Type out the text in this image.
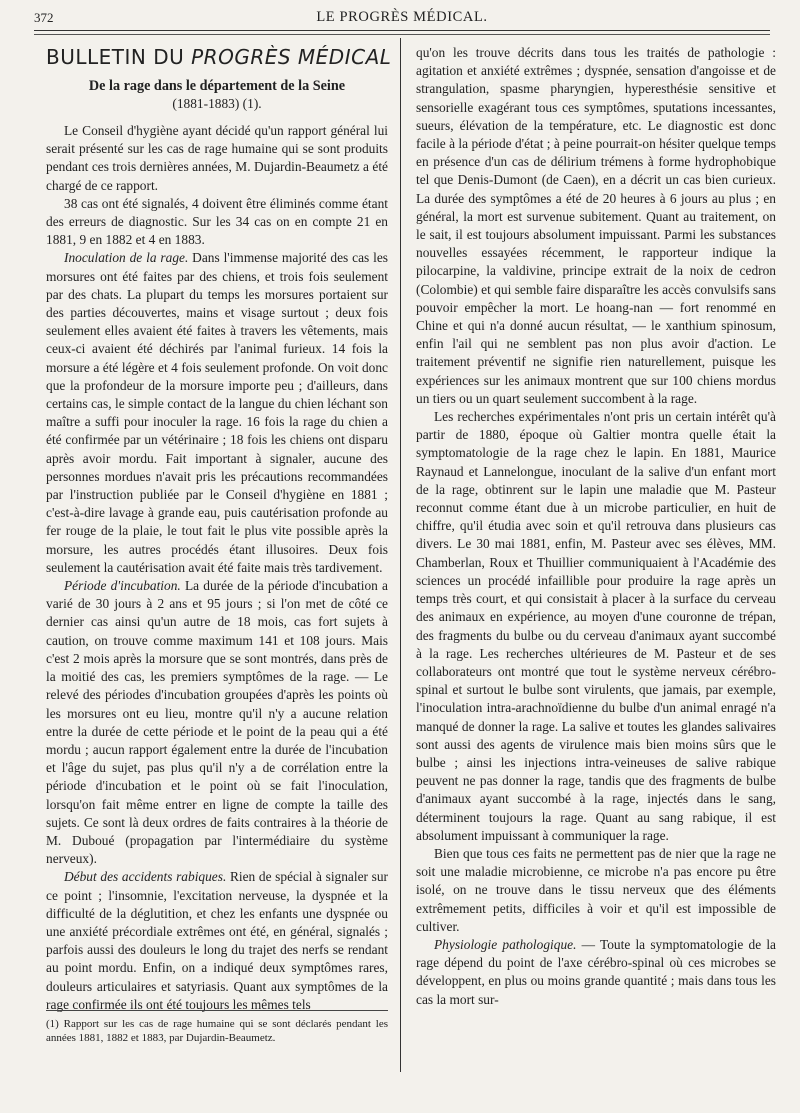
372	LE PROGRÈS MÉDICAL.
BULLETIN DU PROGRÈS MÉDICAL
De la rage dans le département de la Seine
(1881-1883) (1).

Le Conseil d'hygiène ayant décidé qu'un rapport général lui serait présenté sur les cas de rage humaine qui se sont produits pendant ces trois dernières années, M. Dujardin-Beaumetz a été chargé de ce rapport.

38 cas ont été signalés, 4 doivent être éliminés comme étant des erreurs de diagnostic. Sur les 34 cas on en compte 21 en 1881, 9 en 1882 et 4 en 1883.

Inoculation de la rage. Dans l'immense majorité des cas les morsures ont été faites par des chiens, et trois fois seulement par des chats. La plupart du temps les morsures portaient sur des parties découvertes, mains et visage surtout ; deux fois seulement elles avaient été faites à travers les vêtements, mais ceux-ci avaient été déchirés par l'animal furieux. 14 fois la morsure a été légère et 4 fois seulement profonde. On voit donc que la profondeur de la morsure importe peu ; d'ailleurs, dans certains cas, le simple contact de la langue du chien léchant son maître a suffi pour inoculer la rage. 16 fois la rage du chien a été confirmée par un vétérinaire ; 18 fois les chiens ont disparu après avoir mordu. Fait important à signaler, aucune des personnes mordues n'avait pris les précautions recommandées par l'instruction publiée par le Conseil d'hygiène en 1881 ; c'est-à-dire lavage à grande eau, puis cautérisation profonde au fer rouge de la plaie, le tout fait le plus vite possible après la morsure, les autres procédés étant illusoires. Deux fois seulement la cautérisation avait été faite mais très tardivement.

Période d'incubation. La durée de la période d'incubation a varié de 30 jours à 2 ans et 95 jours ; si l'on met de côté ce dernier cas ainsi qu'un autre de 18 mois, cas fort sujets à caution, on trouve comme maximum 141 et 108 jours. Mais c'est 2 mois après la morsure que se sont montrés, dans près de la moitié des cas, les premiers symptômes de la rage. — Le relevé des périodes d'incubation groupées d'après les points où les morsures ont eu lieu, montre qu'il n'y a aucune relation entre la durée de cette période et le point de la peau qui a été mordu ; aucun rapport également entre la durée de l'incubation et l'âge du sujet, pas plus qu'il n'y a de corrélation entre la période d'incubation et le point où se fait l'inoculation, lorsqu'on fait même entrer en ligne de compte la taille des sujets. Ce sont là deux ordres de faits contraires à la théorie de M. Duboué (propagation par l'intermédiaire du système nerveux).

Début des accidents rabiques. Rien de spécial à signaler sur ce point ; l'insomnie, l'excitation nerveuse, la dyspnée et la difficulté de la déglutition, et chez les enfants une dyspnée ou une anxiété précordiale extrêmes ont été, en général, signalés ; parfois aussi des douleurs le long du trajet des nerfs se rendant au point mordu. Enfin, on a indiqué deux symptômes rares, douleurs articulaires et satyriasis. Quant aux symptômes de la rage confirmée ils ont été toujours les mêmes tels

(1) Rapport sur les cas de rage humaine qui se sont déclarés pendant les années 1881, 1882 et 1883, par Dujardin-Beaumetz.

qu'on les trouve décrits dans tous les traités de pathologie : agitation et anxiété extrêmes ; dyspnée, sensation d'angoisse et de strangulation, spasme pharyngien, hyperesthésie sensitive et sensorielle exagérant tous ces symptômes, sputations incessantes, sueurs, élévation de la température, etc. Le diagnostic est donc facile à la période d'état ; à peine pourrait-on hésiter quelque temps en présence d'un cas de délirium trémens à forme hydrophobique tel que Denis-Dumont (de Caen), en a décrit un cas bien curieux. La durée des symptômes a été de 20 heures à 6 jours au plus ; en général, la mort est survenue subitement. Quant au traitement, on le sait, il est toujours absolument impuissant. Parmi les substances nouvelles essayées récemment, le rapporteur indique la pilocarpine, la valdivine, principe extrait de la noix de cedron (Colombie) et qui semble faire disparaître les accès convulsifs sans pouvoir empêcher la mort. Le hoang-nan — fort renommé en Chine et qui n'a donné aucun résultat, — le xanthium spinosum, enfin l'ail qui ne semblent pas non plus avoir d'action. Le traitement préventif ne signifie rien naturellement, puisque les expériences sur les animaux montrent que sur 100 chiens mordus un tiers ou un quart seulement succombent à la rage.

Les recherches expérimentales n'ont pris un certain intérêt qu'à partir de 1880, époque où Galtier montra quelle était la symptomatologie de la rage chez le lapin. En 1881, Maurice Raynaud et Lannelongue, inoculant de la salive d'un enfant mort de la rage, obtinrent sur le lapin une maladie que M. Pasteur reconnut comme étant due à un microbe particulier, en huit de chiffre, qu'il étudia avec soin et qu'il retrouva dans plusieurs cas divers. Le 30 mai 1881, enfin, M. Pasteur avec ses élèves, MM. Chamberlan, Roux et Thuillier communiquaient à l'Académie des sciences un procédé infaillible pour produire la rage après un temps très court, et qui consistait à placer à la surface du cerveau des animaux en expérience, au moyen d'une couronne de trépan, des fragments du bulbe ou du cerveau d'animaux ayant succombé à la rage. Les recherches ultérieures de M. Pasteur et de ses collaborateurs ont montré que tout le système nerveux cérébro-spinal et surtout le bulbe sont virulents, que jamais, par exemple, l'inoculation intra-arachnoïdienne du bulbe d'un animal enragé n'a manqué de donner la rage. La salive et toutes les glandes salivaires sont aussi des agents de virulence mais bien moins sûrs que le bulbe ; ainsi les injections intra-veineuses de salive rabique peuvent ne pas donner la rage, tandis que des fragments de bulbe d'animaux ayant succombé à la rage, injectés dans le sang, déterminent toujours la rage. Quant au sang rabique, il est absolument impuissant à communiquer la rage.

Bien que tous ces faits ne permettent pas de nier que la rage ne soit une maladie microbienne, ce microbe n'a pas encore pu être isolé, on ne trouve dans le tissu nerveux que des éléments extrêmement petits, difficiles à voir et qu'il est impossible de cultiver.

Physiologie pathologique. — Toute la symptomatologie de la rage dépend du point de l'axe cérébro-spinal où ces microbes se développent, en plus ou moins grande quantité ; mais dans tous les cas la mort sur-
